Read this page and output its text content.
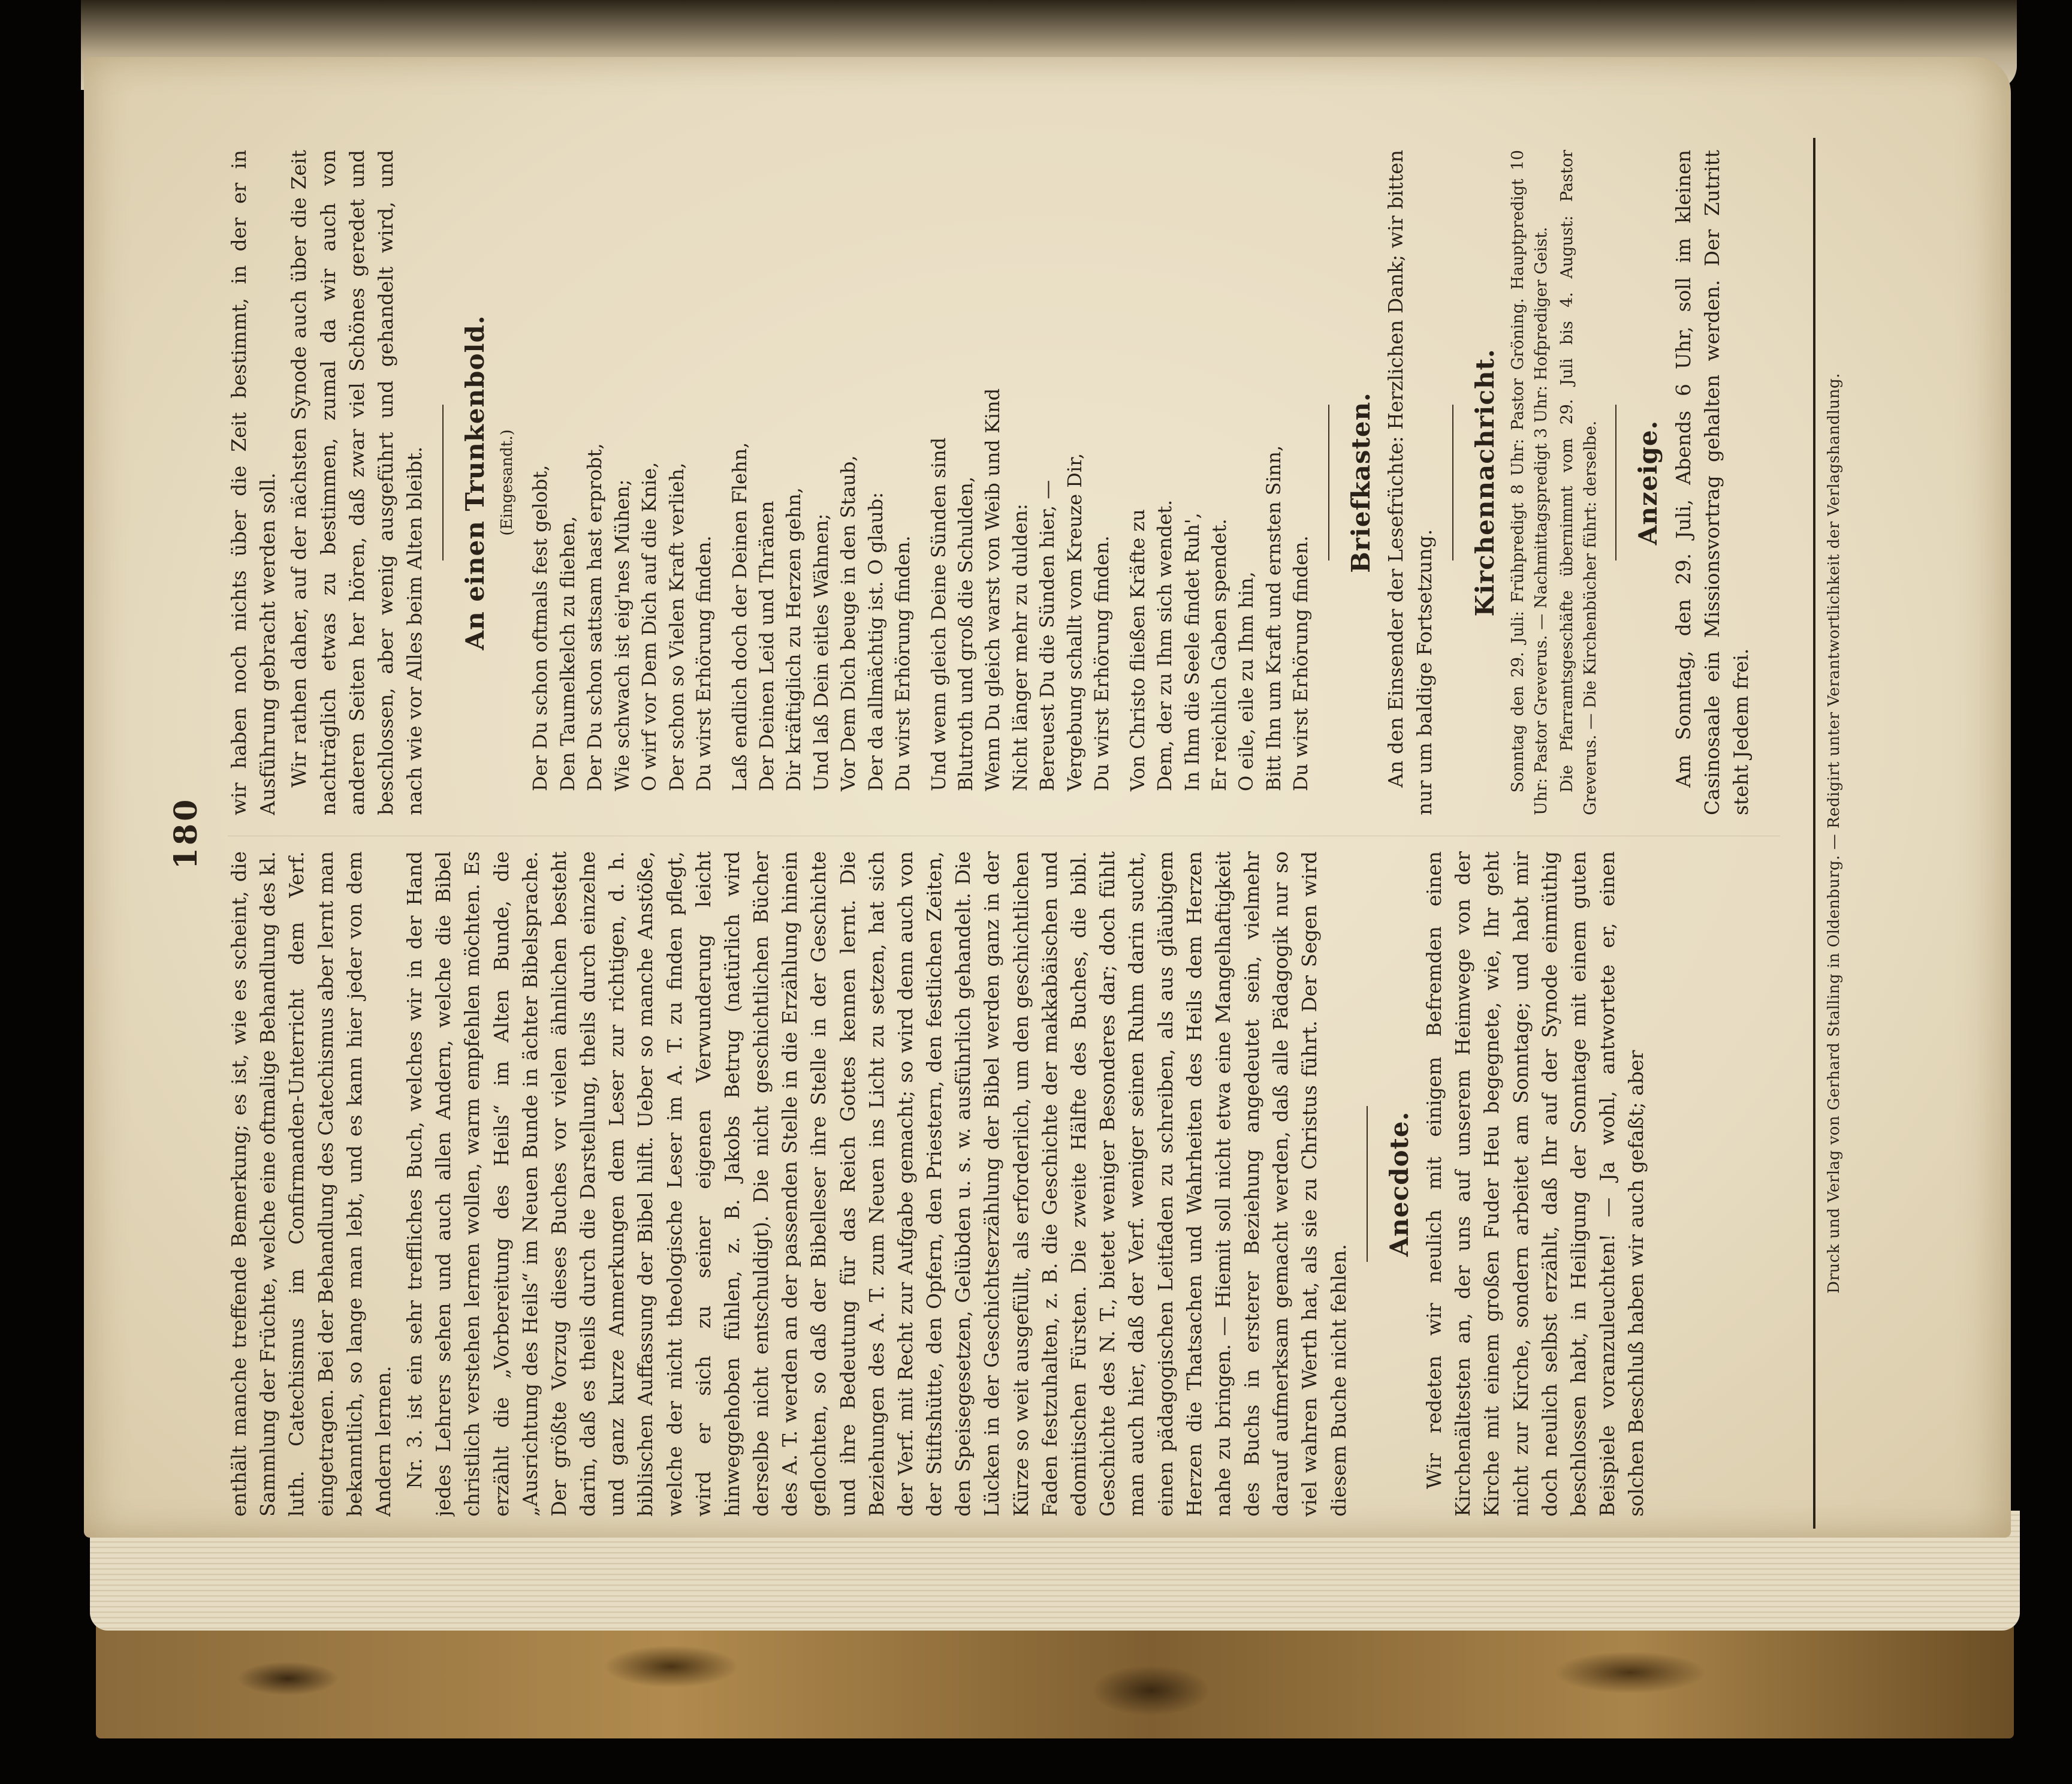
180

enthält manche treffende Bemerkung; es ist, wie es scheint, die Sammlung der Früchte, welche eine oftmalige Behandlung des kl. luth. Catechismus im Confirmanden-Unterricht dem Verf. eingetragen. Bei der Behandlung des Catechismus aber lernt man bekanntlich, so lange man lebt, und es kann hier jeder von dem Andern lernen. Nr. 3. ist ein sehr treffliches Buch, welches wir in der Hand jedes Lehrers sehen und auch allen Andern, welche die Bibel christlich verstehen lernen wollen, warm empfehlen möchten. Es erzählt die „Vorbereitung des Heils“ im Alten Bunde, die „Ausrichtung des Heils“ im Neuen Bunde in ächter Bibelsprache. Der größte Vorzug dieses Buches vor vielen ähnlichen besteht darin, daß es theils durch die Darstellung, theils durch einzelne und ganz kurze Anmerkungen dem Leser zur richtigen, d. h. biblischen Auffassung der Bibel hilft. Ueber so manche Anstöße, welche der nicht theologische Leser im A. T. zu finden pflegt, wird er sich zu seiner eigenen Verwunderung leicht hinweggehoben fühlen, z. B. Jakobs Betrug (natürlich wird derselbe nicht entschuldigt). Die nicht geschichtlichen Bücher des A. T. werden an der passenden Stelle in die Erzählung hinein geflochten, so daß der Bibelleser ihre Stelle in der Geschichte und ihre Bedeutung für das Reich Gottes kennen lernt. Die Beziehungen des A. T. zum Neuen ins Licht zu setzen, hat sich der Verf. mit Recht zur Aufgabe gemacht; so wird denn auch von der Stiftshütte, den Opfern, den Priestern, den festlichen Zeiten, den Speisegesetzen, Gelübden u. s. w. ausführlich gehandelt. Die Lücken in der Geschichtserzählung der Bibel werden ganz in der Kürze so weit ausgefüllt, als erforderlich, um den geschichtlichen Faden festzuhalten, z. B. die Geschichte der makkabäischen und edomitischen Fürsten. Die zweite Hälfte des Buches, die bibl. Geschichte des N. T., bietet weniger Besonderes dar; doch fühlt man auch hier, daß der Verf. weniger seinen Ruhm darin sucht, einen pädagogischen Leitfaden zu schreiben, als aus gläubigem Herzen die Thatsachen und Wahrheiten des Heils dem Herzen nahe zu bringen. — Hiemit soll nicht etwa eine Mangelhaftigkeit des Buchs in ersterer Beziehung angedeutet sein, vielmehr darauf aufmerksam gemacht werden, daß alle Pädagogik nur so viel wahren Werth hat, als sie zu Christus führt. Der Segen wird diesem Buche nicht fehlen.

Anecdote. Wir redeten wir neulich mit einigem Befremden einen Kirchenältesten an, der uns auf unserem Heimwege von der Kirche mit einem großen Fuder Heu begegnete, wie, Ihr geht nicht zur Kirche, sondern arbeitet am Sonntage; und habt mir doch neulich selbst erzählt, daß Ihr auf der Synode einmüthig beschlossen habt, in Heiligung der Sonntage mit einem guten Beispiele voranzuleuchten! — Ja wohl, antwortete er, einen solchen Beschluß haben wir auch gefaßt; aber

wir haben noch nichts über die Zeit bestimmt, in der er in Ausführung gebracht werden soll. Wir rathen daher, auf der nächsten Synode auch über die Zeit nachträglich etwas zu bestimmen, zumal da wir auch von anderen Seiten her hören, daß zwar viel Schönes geredet und beschlossen, aber wenig ausgeführt und gehandelt wird, und nach wie vor Alles beim Alten bleibt. An einen Trunkenbold. (Eingesandt.) Der Du schon oftmals fest gelobt, Den Taumelkelch zu fliehen, Der Du schon sattsam hast erprobt, Wie schwach ist eig'nes Mühen; O wirf vor Dem Dich auf die Knie, Der schon so Vielen Kraft verlieh, Du wirst Erhörung finden. Laß endlich doch der Deinen Flehn, Der Deinen Leid und Thränen Dir kräftiglich zu Herzen gehn, Und laß Dein eitles Wähnen; Vor Dem Dich beuge in den Staub, Der da allmächtig ist. O glaub: Du wirst Erhörung finden. Und wenn gleich Deine Sünden sind Blutroth und groß die Schulden, Wenn Du gleich warst von Weib und Kind Nicht länger mehr zu dulden: Bereuest Du die Sünden hier, — Vergebung schallt vom Kreuze Dir, Du wirst Erhörung finden. Von Christo fließen Kräfte zu Dem, der zu Ihm sich wendet. In Ihm die Seele findet Ruh', Er reichlich Gaben spendet. O eile, eile zu Ihm hin, Bitt Ihn um Kraft und ernsten Sinn, Du wirst Erhörung finden.
Briefkasten. An den Einsender der Lesefrüchte: Herzlichen Dank; wir bitten nur um baldige Fortsetzung.

Kirchennachricht. Sonntag den 29. Juli: Frühpredigt 8 Uhr: Pastor Gröning. Hauptpredigt 10 Uhr: Pastor Greverus. — Nachmittagspredigt 3 Uhr: Hofprediger Geist. Die Pfarramtsgeschäfte übernimmt vom 29. Juli bis 4. August: Pastor Greverus. — Die Kirchenbücher führt: derselbe. Anzeige. Am Sonntag, den 29. Juli, Abends 6 Uhr, soll im kleinen Casinosaale ein Missionsvortrag gehalten werden. Der Zutritt steht Jedem frei.	Druck und Verlag von Gerhard Stalling in Oldenburg. — Redigirt unter Verantwortlichkeit der Verlagshandlung.
